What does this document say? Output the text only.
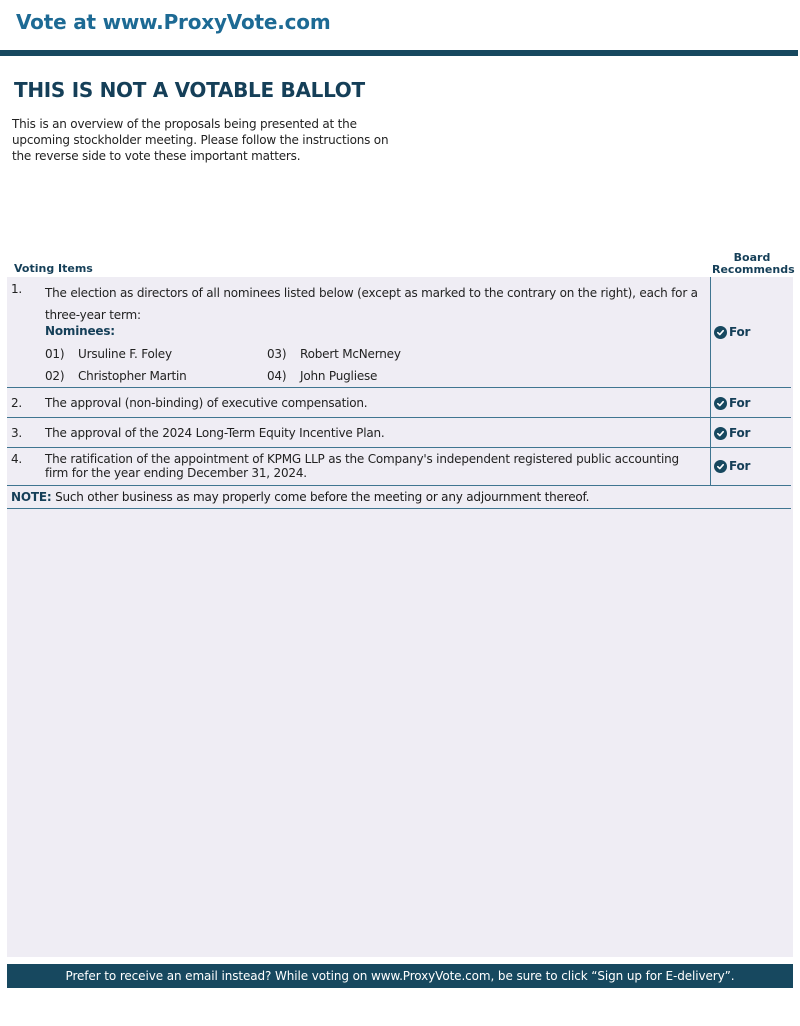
Vote at www.ProxyVote.com
THIS IS NOT A VOTABLE BALLOT
This is an overview of the proposals being presented at the upcoming stockholder meeting. Please follow the instructions on the reverse side to vote these important matters.
Voting Items
Board Recommends
1. The election as directors of all nominees listed below (except as marked to the contrary on the right), each for a three-year term:
Nominees:
01) Ursuline F. Foley
02) Christopher Martin
03) Robert McNerney
04) John Pugliese
For
2. The approval (non-binding) of executive compensation.	For
3. The approval of the 2024 Long-Term Equity Incentive Plan.	For
4. The ratification of the appointment of KPMG LLP as the Company's independent registered public accounting firm for the year ending December 31, 2024.	For
NOTE: Such other business as may properly come before the meeting or any adjournment thereof.
Prefer to receive an email instead? While voting on www.ProxyVote.com, be sure to click “Sign up for E-delivery”.
